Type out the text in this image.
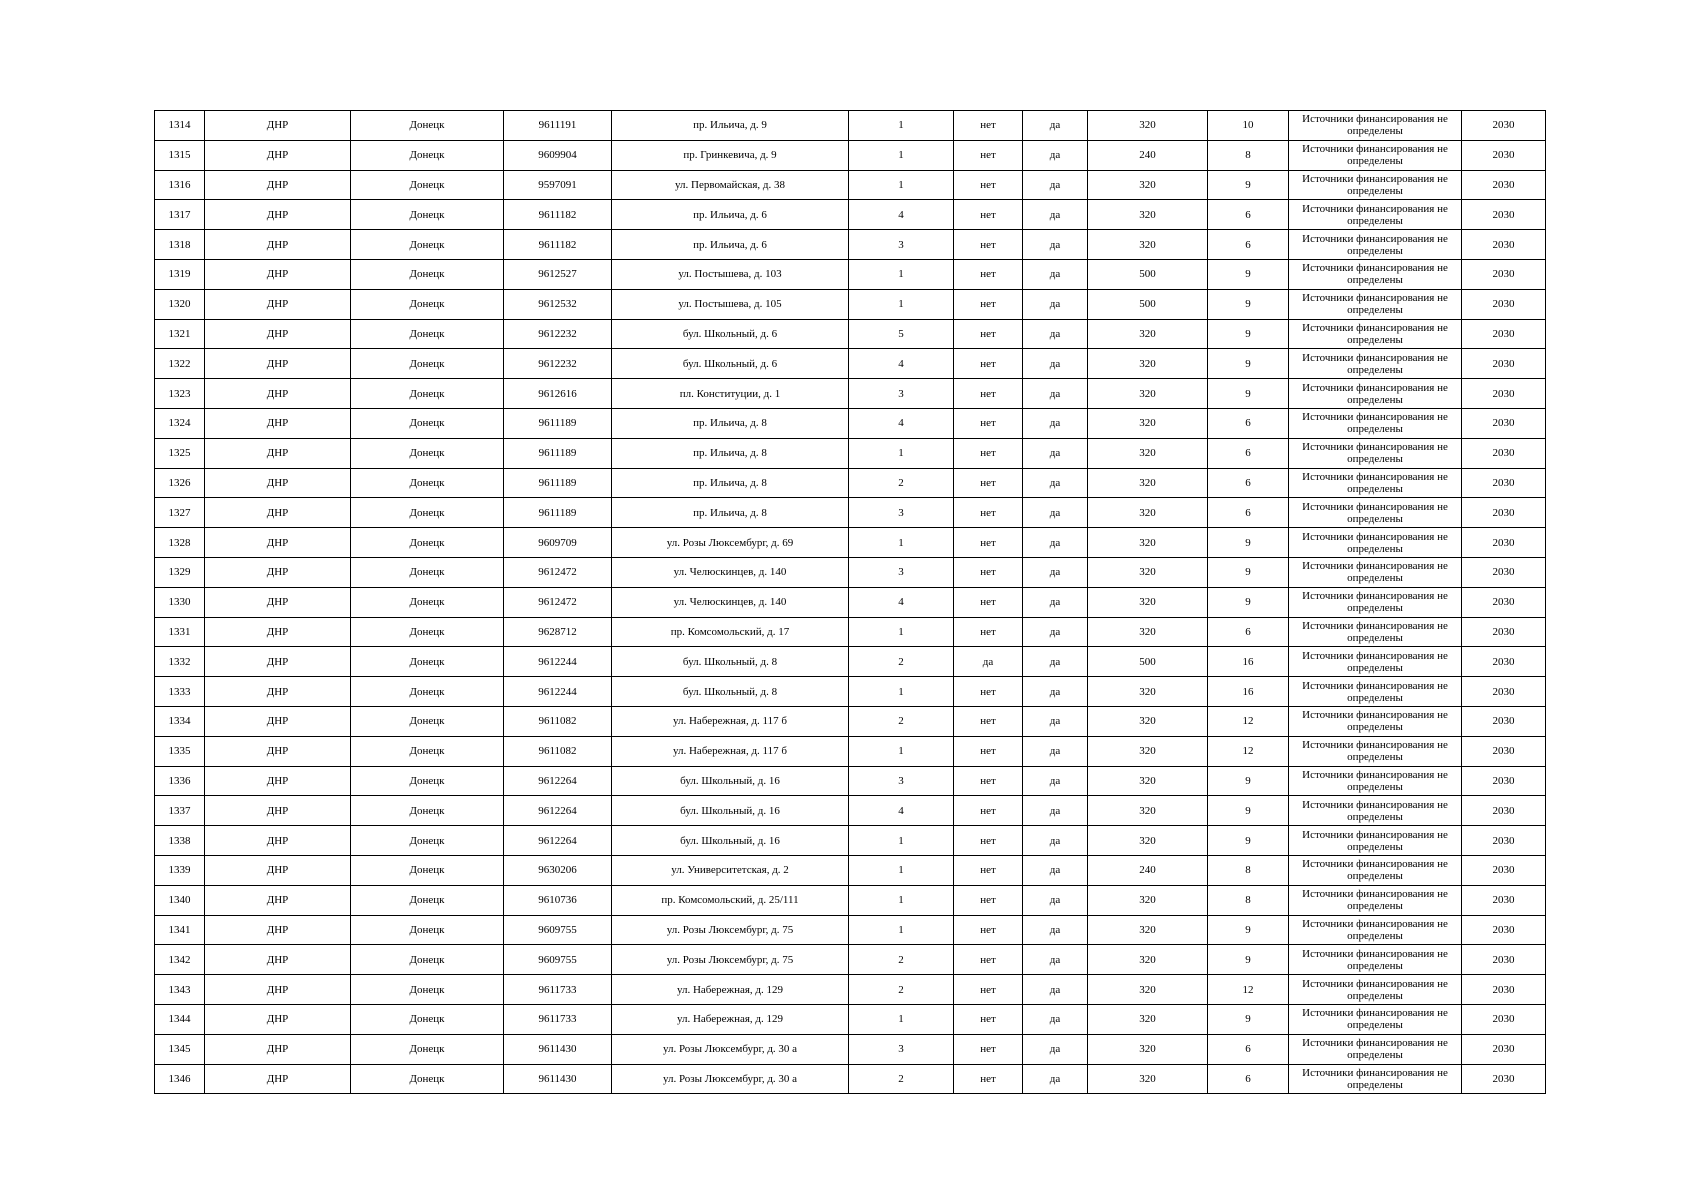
1314	ДНР	Донецк	9611191	пр. Ильича, д. 9	1	нет	да	320	10	Источники финансирования не определены	2030
1315	ДНР	Донецк	9609904	пр. Гринкевича, д. 9	1	нет	да	240	8	Источники финансирования не определены	2030
1316	ДНР	Донецк	9597091	ул. Первомайская, д. 38	1	нет	да	320	9	Источники финансирования не определены	2030
1317	ДНР	Донецк	9611182	пр. Ильича, д. 6	4	нет	да	320	6	Источники финансирования не определены	2030
1318	ДНР	Донецк	9611182	пр. Ильича, д. 6	3	нет	да	320	6	Источники финансирования не определены	2030
1319	ДНР	Донецк	9612527	ул. Постышева, д. 103	1	нет	да	500	9	Источники финансирования не определены	2030
1320	ДНР	Донецк	9612532	ул. Постышева, д. 105	1	нет	да	500	9	Источники финансирования не определены	2030
1321	ДНР	Донецк	9612232	бул. Школьный, д. 6	5	нет	да	320	9	Источники финансирования не определены	2030
1322	ДНР	Донецк	9612232	бул. Школьный, д. 6	4	нет	да	320	9	Источники финансирования не определены	2030
1323	ДНР	Донецк	9612616	пл. Конституции, д. 1	3	нет	да	320	9	Источники финансирования не определены	2030
1324	ДНР	Донецк	9611189	пр. Ильича, д. 8	4	нет	да	320	6	Источники финансирования не определены	2030
1325	ДНР	Донецк	9611189	пр. Ильича, д. 8	1	нет	да	320	6	Источники финансирования не определены	2030
1326	ДНР	Донецк	9611189	пр. Ильича, д. 8	2	нет	да	320	6	Источники финансирования не определены	2030
1327	ДНР	Донецк	9611189	пр. Ильича, д. 8	3	нет	да	320	6	Источники финансирования не определены	2030
1328	ДНР	Донецк	9609709	ул. Розы Люксембург, д. 69	1	нет	да	320	9	Источники финансирования не определены	2030
1329	ДНР	Донецк	9612472	ул. Челюскинцев, д. 140	3	нет	да	320	9	Источники финансирования не определены	2030
1330	ДНР	Донецк	9612472	ул. Челюскинцев, д. 140	4	нет	да	320	9	Источники финансирования не определены	2030
1331	ДНР	Донецк	9628712	пр. Комсомольский, д. 17	1	нет	да	320	6	Источники финансирования не определены	2030
1332	ДНР	Донецк	9612244	бул. Школьный, д. 8	2	да	да	500	16	Источники финансирования не определены	2030
1333	ДНР	Донецк	9612244	бул. Школьный, д. 8	1	нет	да	320	16	Источники финансирования не определены	2030
1334	ДНР	Донецк	9611082	ул. Набережная, д. 117 б	2	нет	да	320	12	Источники финансирования не определены	2030
1335	ДНР	Донецк	9611082	ул. Набережная, д. 117 б	1	нет	да	320	12	Источники финансирования не определены	2030
1336	ДНР	Донецк	9612264	бул. Школьный, д. 16	3	нет	да	320	9	Источники финансирования не определены	2030
1337	ДНР	Донецк	9612264	бул. Школьный, д. 16	4	нет	да	320	9	Источники финансирования не определены	2030
1338	ДНР	Донецк	9612264	бул. Школьный, д. 16	1	нет	да	320	9	Источники финансирования не определены	2030
1339	ДНР	Донецк	9630206	ул. Университетская, д. 2	1	нет	да	240	8	Источники финансирования не определены	2030
1340	ДНР	Донецк	9610736	пр. Комсомольский, д. 25/111	1	нет	да	320	8	Источники финансирования не определены	2030
1341	ДНР	Донецк	9609755	ул. Розы Люксембург, д. 75	1	нет	да	320	9	Источники финансирования не определены	2030
1342	ДНР	Донецк	9609755	ул. Розы Люксембург, д. 75	2	нет	да	320	9	Источники финансирования не определены	2030
1343	ДНР	Донецк	9611733	ул. Набережная, д. 129	2	нет	да	320	12	Источники финансирования не определены	2030
1344	ДНР	Донецк	9611733	ул. Набережная, д. 129	1	нет	да	320	9	Источники финансирования не определены	2030
1345	ДНР	Донецк	9611430	ул. Розы Люксембург, д. 30 а	3	нет	да	320	6	Источники финансирования не определены	2030
1346	ДНР	Донецк	9611430	ул. Розы Люксембург, д. 30 а	2	нет	да	320	6	Источники финансирования не определены	2030
